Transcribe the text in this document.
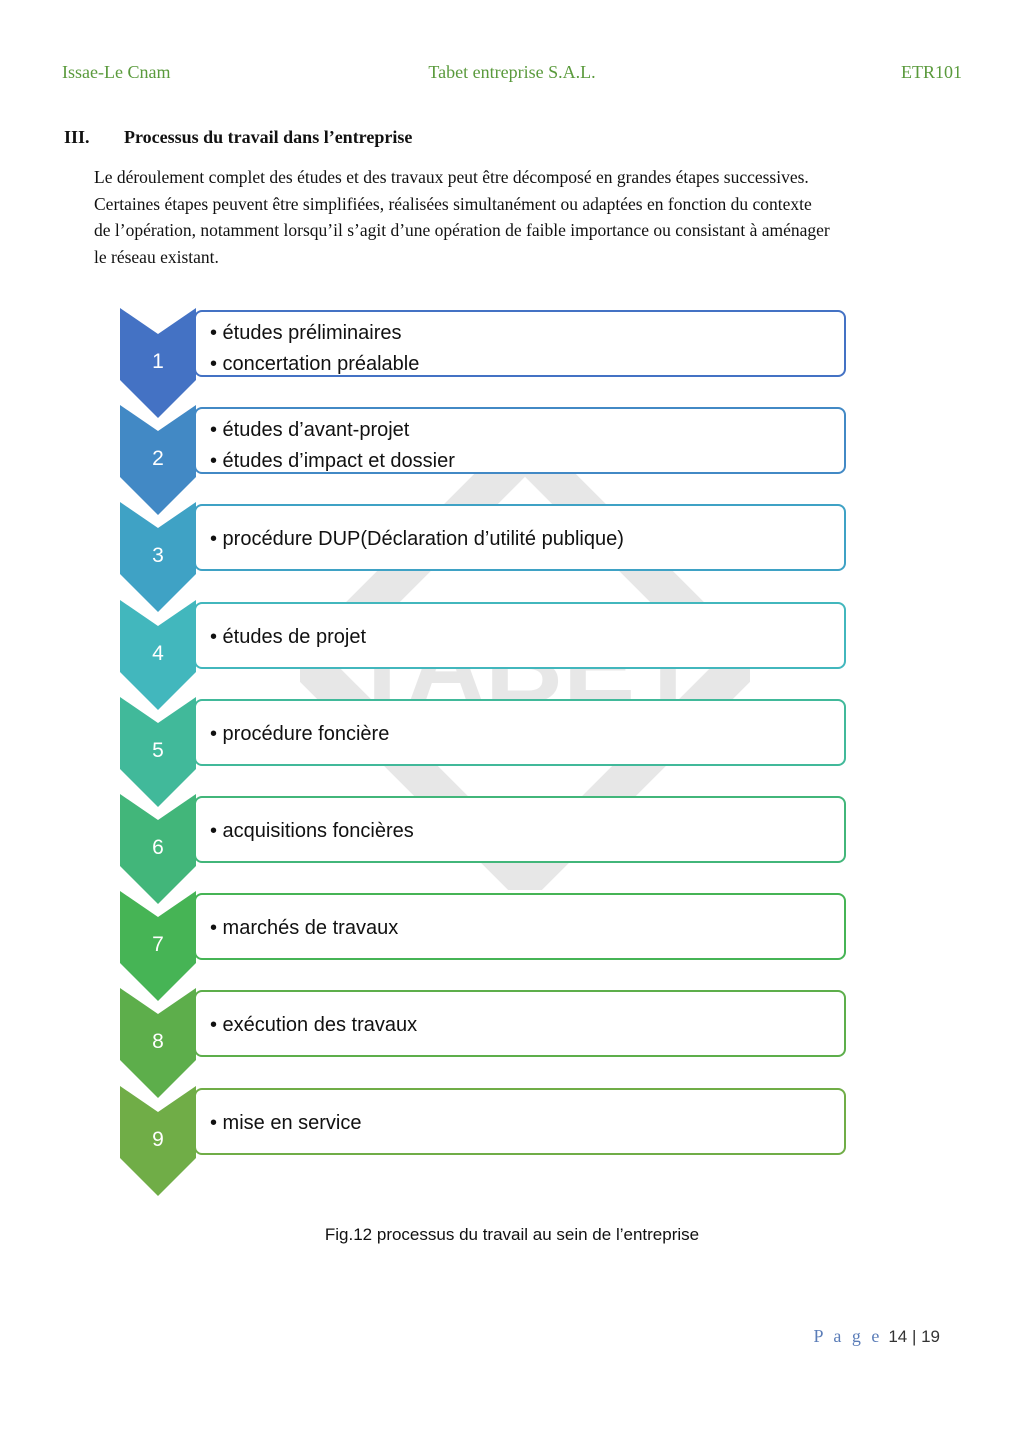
Issae-Le Cnam	Tabet entreprise S.A.L.	ETR101
III. Processus du travail dans l’entreprise
Le déroulement complet des études et des travaux peut être décomposé en grandes étapes successives.
Certaines étapes peuvent être simplifiées, réalisées simultanément ou adaptées en fonction du contexte
de l’opération, notamment lorsqu’il s’agit d’une opération de faible importance ou consistant à aménager
le réseau existant.
1
• études préliminaires
• concertation préalable
2
• études d’avant-projet
• études d’impact et dossier
3
• procédure DUP(Déclaration d’utilité publique)
4
• études de projet
5
• procédure foncière
6
• acquisitions foncières
7
• marchés de travaux
8
• exécution des travaux
9
• mise en service
Fig.12 processus du travail au sein de l’entreprise
P a g e 14 | 19
